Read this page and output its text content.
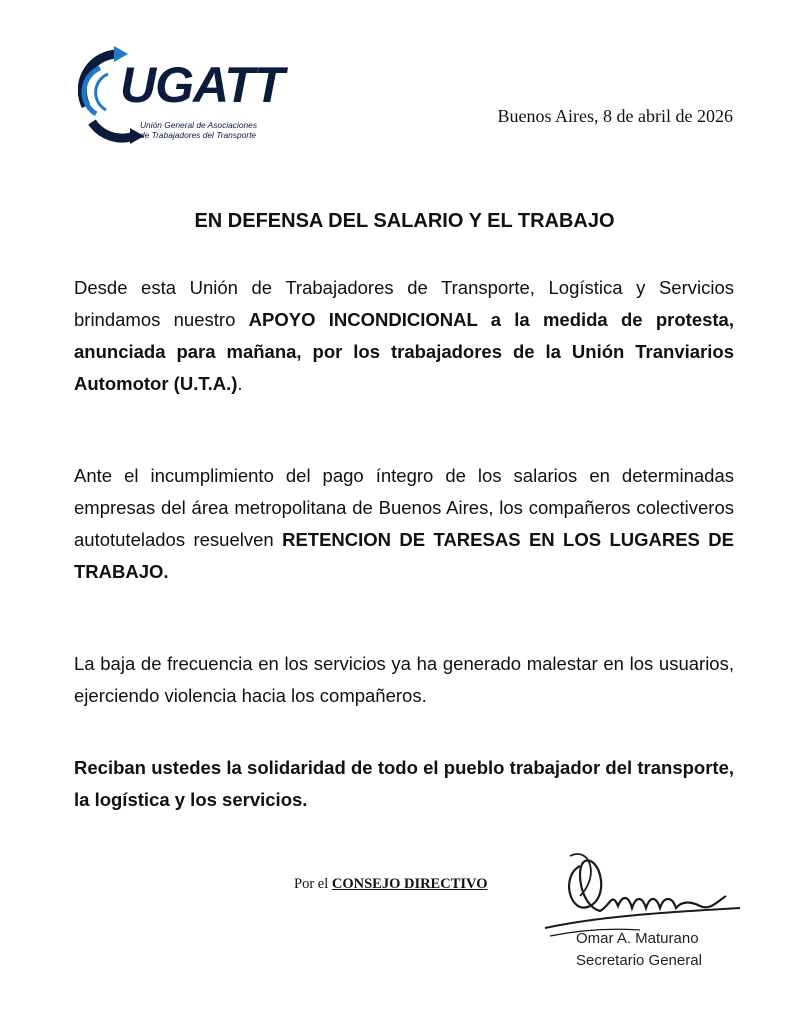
UGATT
Unión General de Asociaciones
de Trabajadores del Transporte
Buenos Aires, 8 de abril de 2026
EN DEFENSA DEL SALARIO Y EL TRABAJO
Desde esta Unión de Trabajadores de Transporte, Logística y Servicios brindamos nuestro APOYO INCONDICIONAL a la medida de protesta, anunciada para mañana, por los trabajadores de la Unión Tranviarios Automotor (U.T.A.).
Ante el incumplimiento del pago íntegro de los salarios en determinadas empresas del área metropolitana de Buenos Aires, los compañeros colectiveros autotutelados resuelven RETENCION DE TARESAS EN LOS LUGARES DE TRABAJO.
La baja de frecuencia en los servicios ya ha generado malestar en los usuarios, ejerciendo violencia hacia los compañeros.
Reciban ustedes la solidaridad de todo el pueblo trabajador del transporte, la logística y los servicios.
Por el CONSEJO DIRECTIVO
Omar A. Maturano
Secretario General
